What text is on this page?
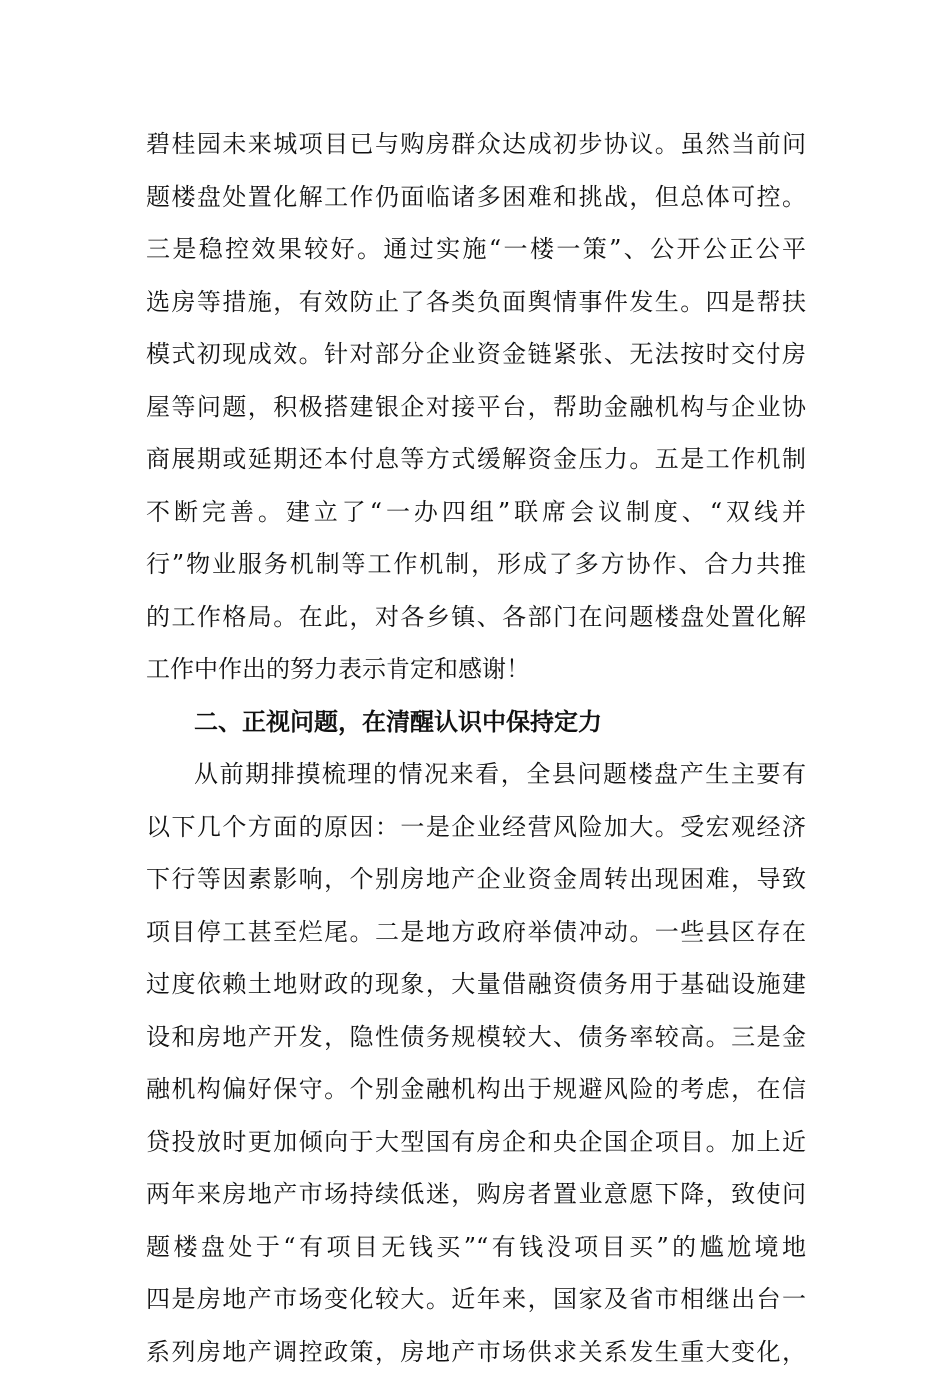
碧桂园未来城项目已与购房群众达成初步协议。虽然当前问
题楼盘处置化解工作仍面临诸多困难和挑战，但总体可控。
三是稳控效果较好。通过实施“一楼一策”、公开公正公平
选房等措施，有效防止了各类负面舆情事件发生。四是帮扶
模式初现成效。针对部分企业资金链紧张、无法按时交付房
屋等问题，积极搭建银企对接平台，帮助金融机构与企业协
商展期或延期还本付息等方式缓解资金压力。五是工作机制
不断完善。建立了“一办四组”联席会议制度、“双线并
行”物业服务机制等工作机制，形成了多方协作、合力共推
的工作格局。在此，对各乡镇、各部门在问题楼盘处置化解
工作中作出的努力表示肯定和感谢！
二、正视问题，在清醒认识中保持定力
从前期排摸梳理的情况来看，全县问题楼盘产生主要有
以下几个方面的原因：一是企业经营风险加大。受宏观经济
下行等因素影响，个别房地产企业资金周转出现困难，导致
项目停工甚至烂尾。二是地方政府举债冲动。一些县区存在
过度依赖土地财政的现象，大量借融资债务用于基础设施建
设和房地产开发，隐性债务规模较大、债务率较高。三是金
融机构偏好保守。个别金融机构出于规避风险的考虑，在信
贷投放时更加倾向于大型国有房企和央企国企项目。加上近
两年来房地产市场持续低迷，购房者置业意愿下降，致使问
题楼盘处于“有项目无钱买”“有钱没项目买”的尴尬境地
四是房地产市场变化较大。近年来，国家及省市相继出台一
系列房地产调控政策，房地产市场供求关系发生重大变化，
